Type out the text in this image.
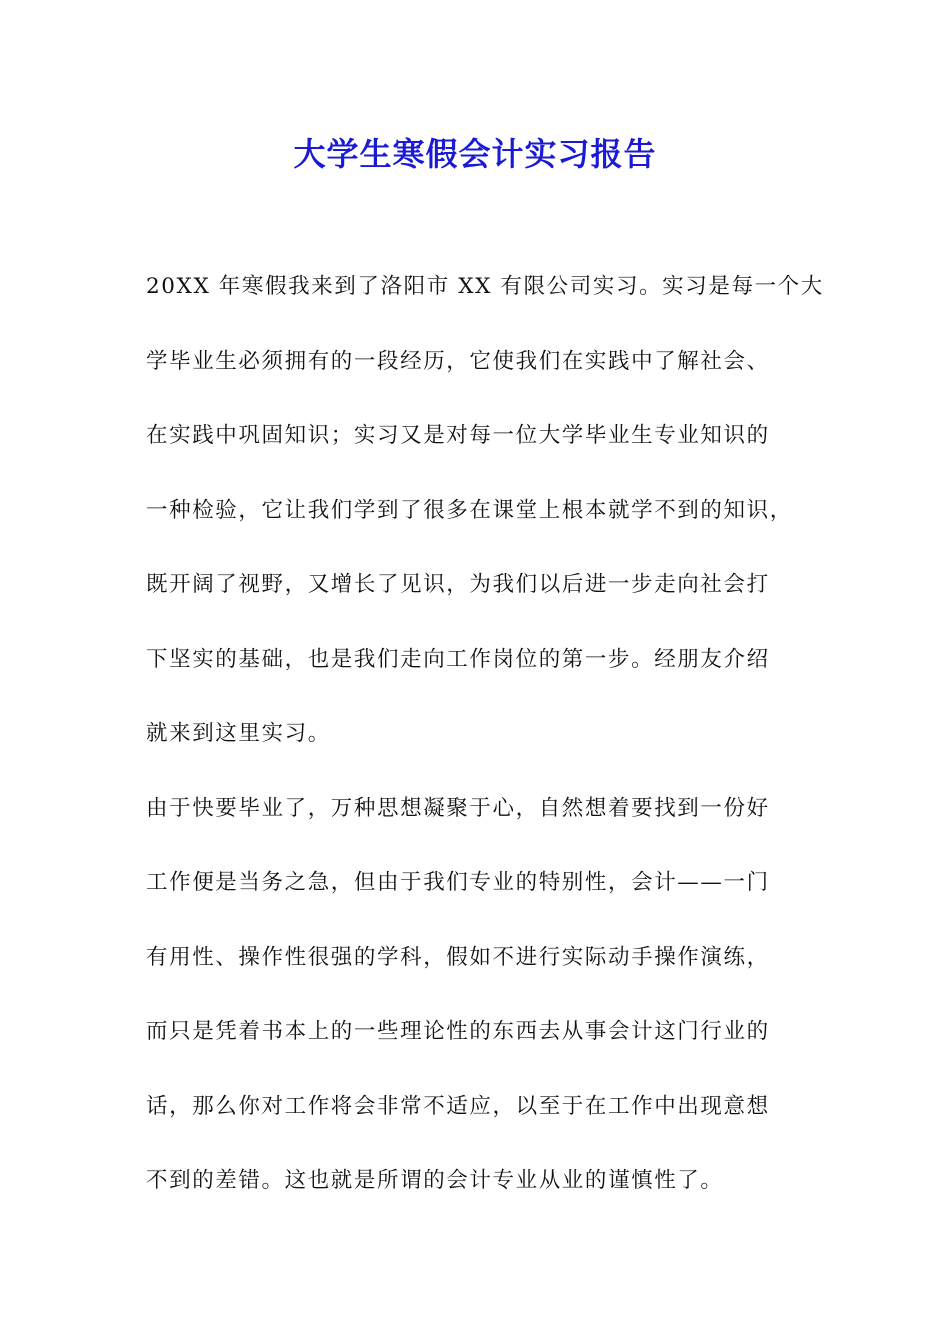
大学生寒假会计实习报告
20XX 年寒假我来到了洛阳市 XX 有限公司实习。实习是每一个大
学毕业生必须拥有的一段经历，它使我们在实践中了解社会、
在实践中巩固知识；实习又是对每一位大学毕业生专业知识的
一种检验，它让我们学到了很多在课堂上根本就学不到的知识，
既开阔了视野，又增长了见识，为我们以后进一步走向社会打
下坚实的基础，也是我们走向工作岗位的第一步。经朋友介绍
就来到这里实习。
由于快要毕业了，万种思想凝聚于心，自然想着要找到一份好
工作便是当务之急，但由于我们专业的特别性，会计——一门
有用性、操作性很强的学科，假如不进行实际动手操作演练，
而只是凭着书本上的一些理论性的东西去从事会计这门行业的
话，那么你对工作将会非常不适应，以至于在工作中出现意想
不到的差错。这也就是所谓的会计专业从业的谨慎性了。
